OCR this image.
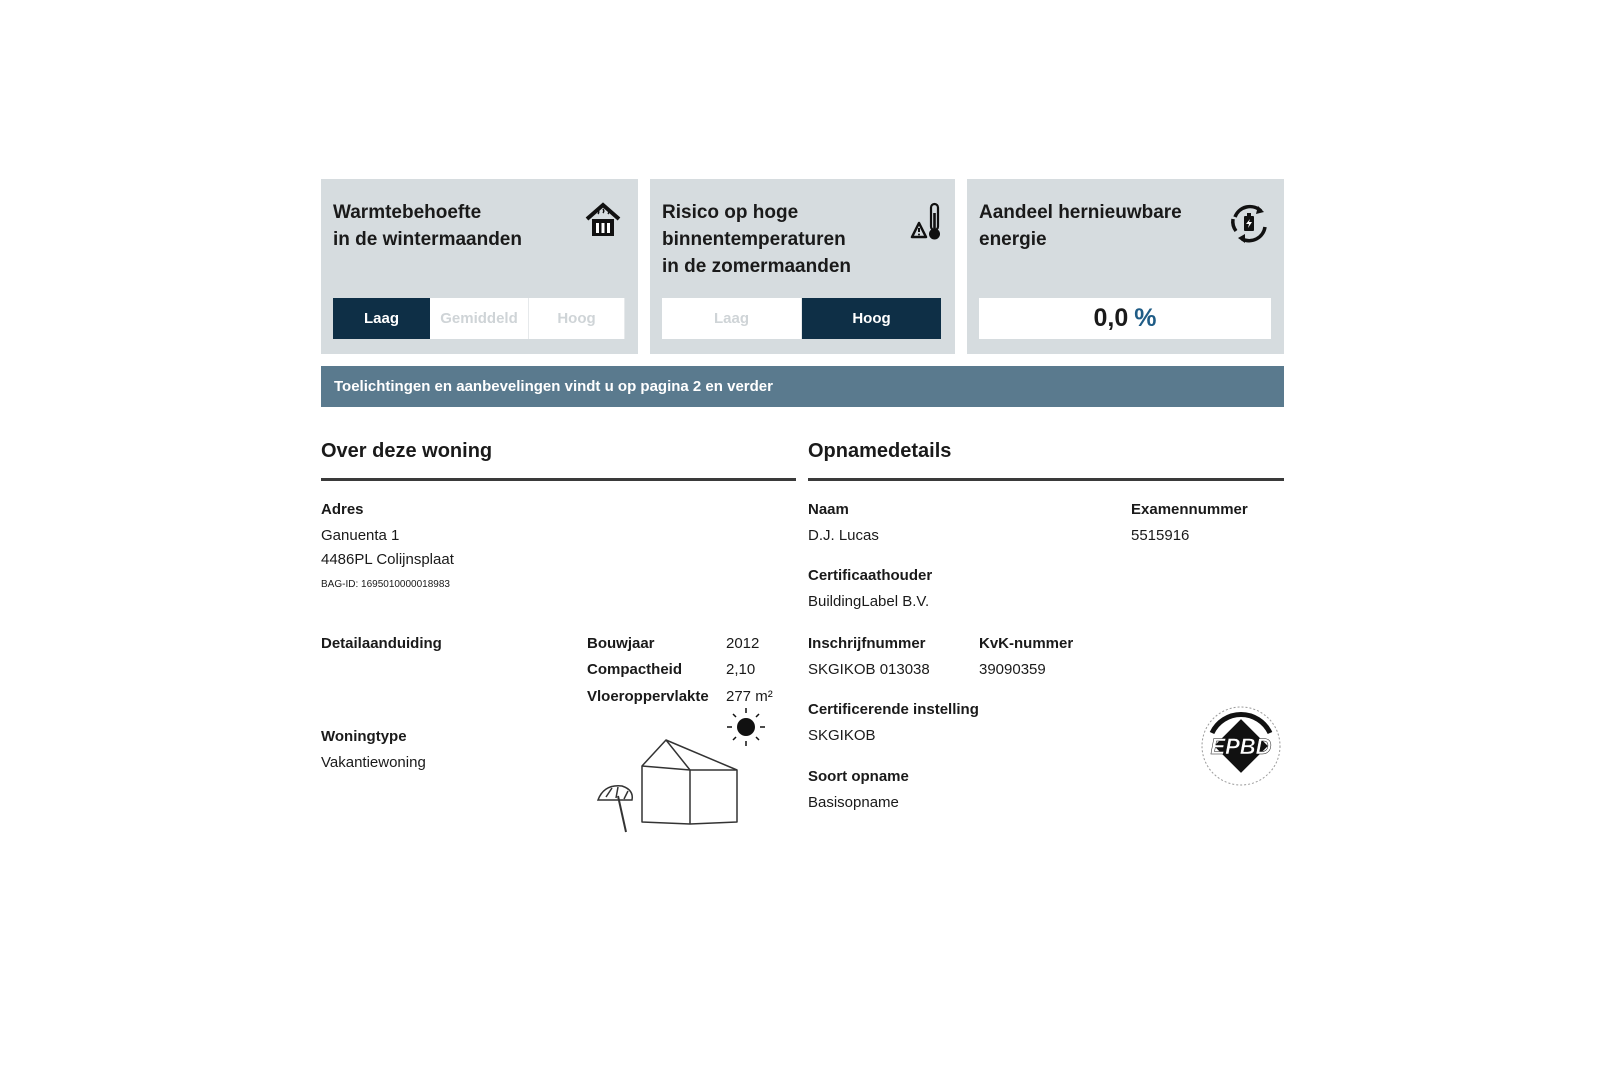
Warmtebehoefte
in de wintermaanden
Laag	Gemiddeld	Hoog
Risico op hoge
binnentemperaturen
in de zomermaanden
Laag	Hoog
Aandeel hernieuwbare
energie
0,0 %
Toelichtingen en aanbevelingen vindt u op pagina 2 en verder
Over deze woning
Adres
Ganuenta 1
4486PL Colijnsplaat
BAG-ID: 1695010000018983
Detailaanduiding	Bouwjaar	2012
Compactheid	2,10
Vloeroppervlakte 277 m²
Woningtype
Vakantiewoning
Opnamedetails
Naam
D.J. Lucas
Examennummer
5515916
Certificaathouder
BuildingLabel B.V.
Inschrijfnummer
SKGIKOB 013038
KvK-nummer
39090359
Certificerende instelling
SKGIKOB
Soort opname
Basisopname
EPBD
